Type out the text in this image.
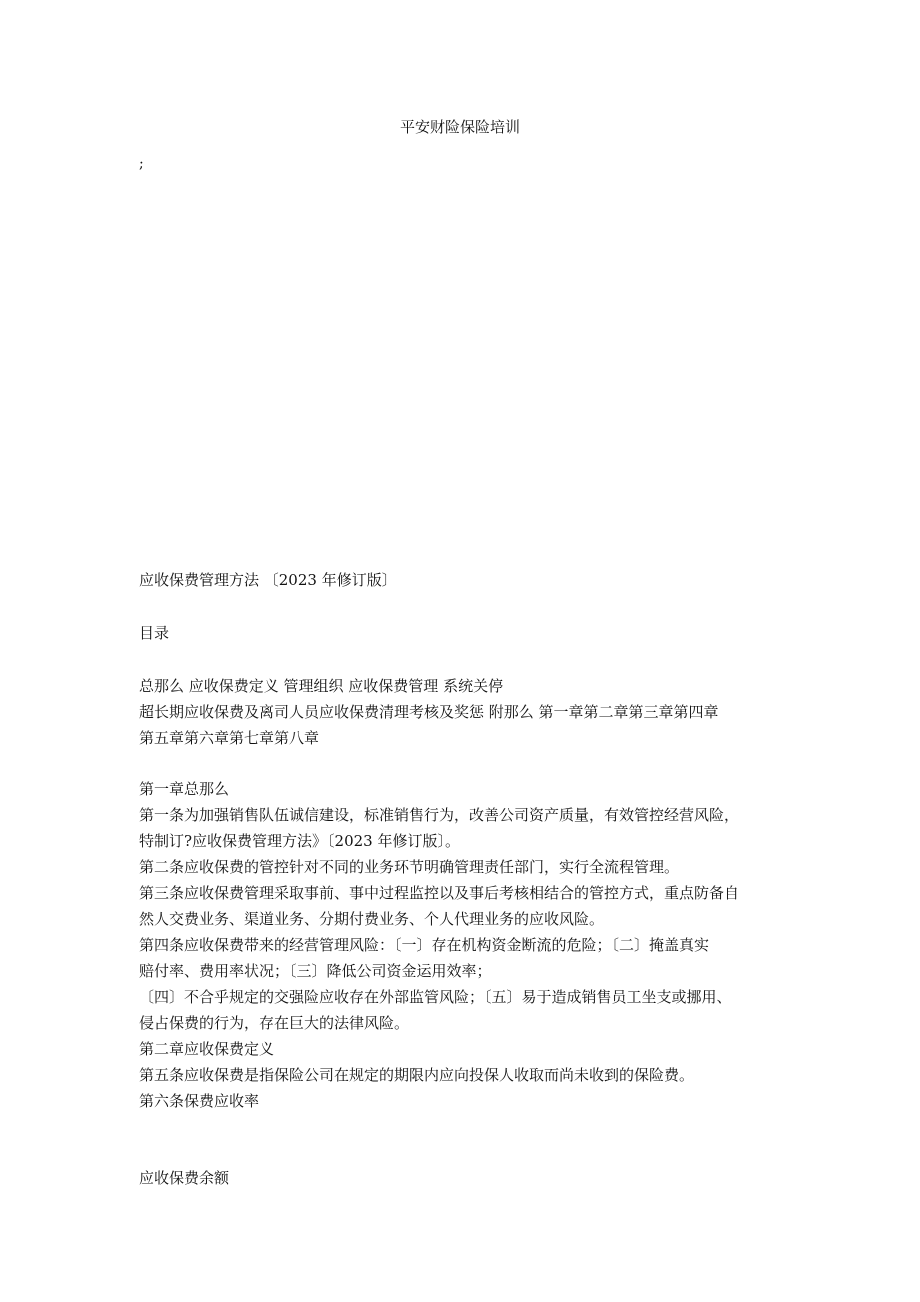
平安财险保险培训
;
应收保费管理方法 〔2023 年修订版〕
目录

总那么 应收保费定义 管理组织 应收保费管理 系统关停

超长期应收保费及离司人员应收保费清理考核及奖惩 附那么 第一章第二章第三章第四章

第五章第六章第七章第八章

第一章总那么

第一条为加强销售队伍诚信建设，标准销售行为，改善公司资产质量，有效管控经营风险，

特制订?应收保费管理方法》〔2023 年修订版〕。

第二条应收保费的管控针对不同的业务环节明确管理责任部门，实行全流程管理。

第三条应收保费管理采取事前、事中过程监控以及事后考核相结合的管控方式，重点防备自

然人交费业务、渠道业务、分期付费业务、个人代理业务的应收风险。

第四条应收保费带来的经营管理风险：〔一〕存在机构资金断流的危险；〔二〕掩盖真实

赔付率、费用率状况；〔三〕降低公司资金运用效率；

〔四〕不合乎规定的交强险应收存在外部监管风险；〔五〕易于造成销售员工坐支或挪用、

侵占保费的行为，存在巨大的法律风险。

第二章应收保费定义

第五条应收保费是指保险公司在规定的期限内应向投保人收取而尚未收到的保险费。

第六条保费应收率

应收保费余额
